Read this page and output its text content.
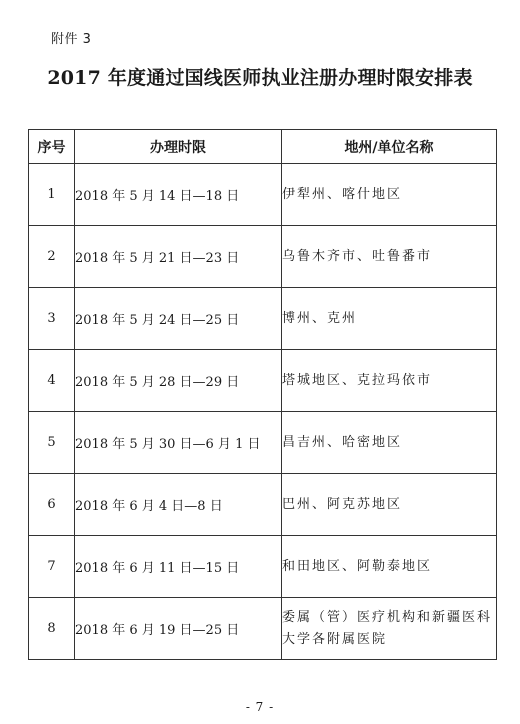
附件 3
2017 年度通过国线医师执业注册办理时限安排表
序号	办理时限	地州/单位名称
1	2018 年 5 月 14 日—18 日	伊犁州、喀什地区
2	2018 年 5 月 21 日—23 日	乌鲁木齐市、吐鲁番市
3	2018 年 5 月 24 日—25 日	博州、克州
4	2018 年 5 月 28 日—29 日	塔城地区、克拉玛依市
5	2018 年 5 月 30 日—6 月 1 日	昌吉州、哈密地区
6	2018 年 6 月 4 日—8 日	巴州、阿克苏地区
7	2018 年 6 月 11 日—15 日	和田地区、阿勒泰地区
8	2018 年 6 月 19 日—25 日	委属（管）医疗机构和新疆医科大学各附属医院
- 7 -
